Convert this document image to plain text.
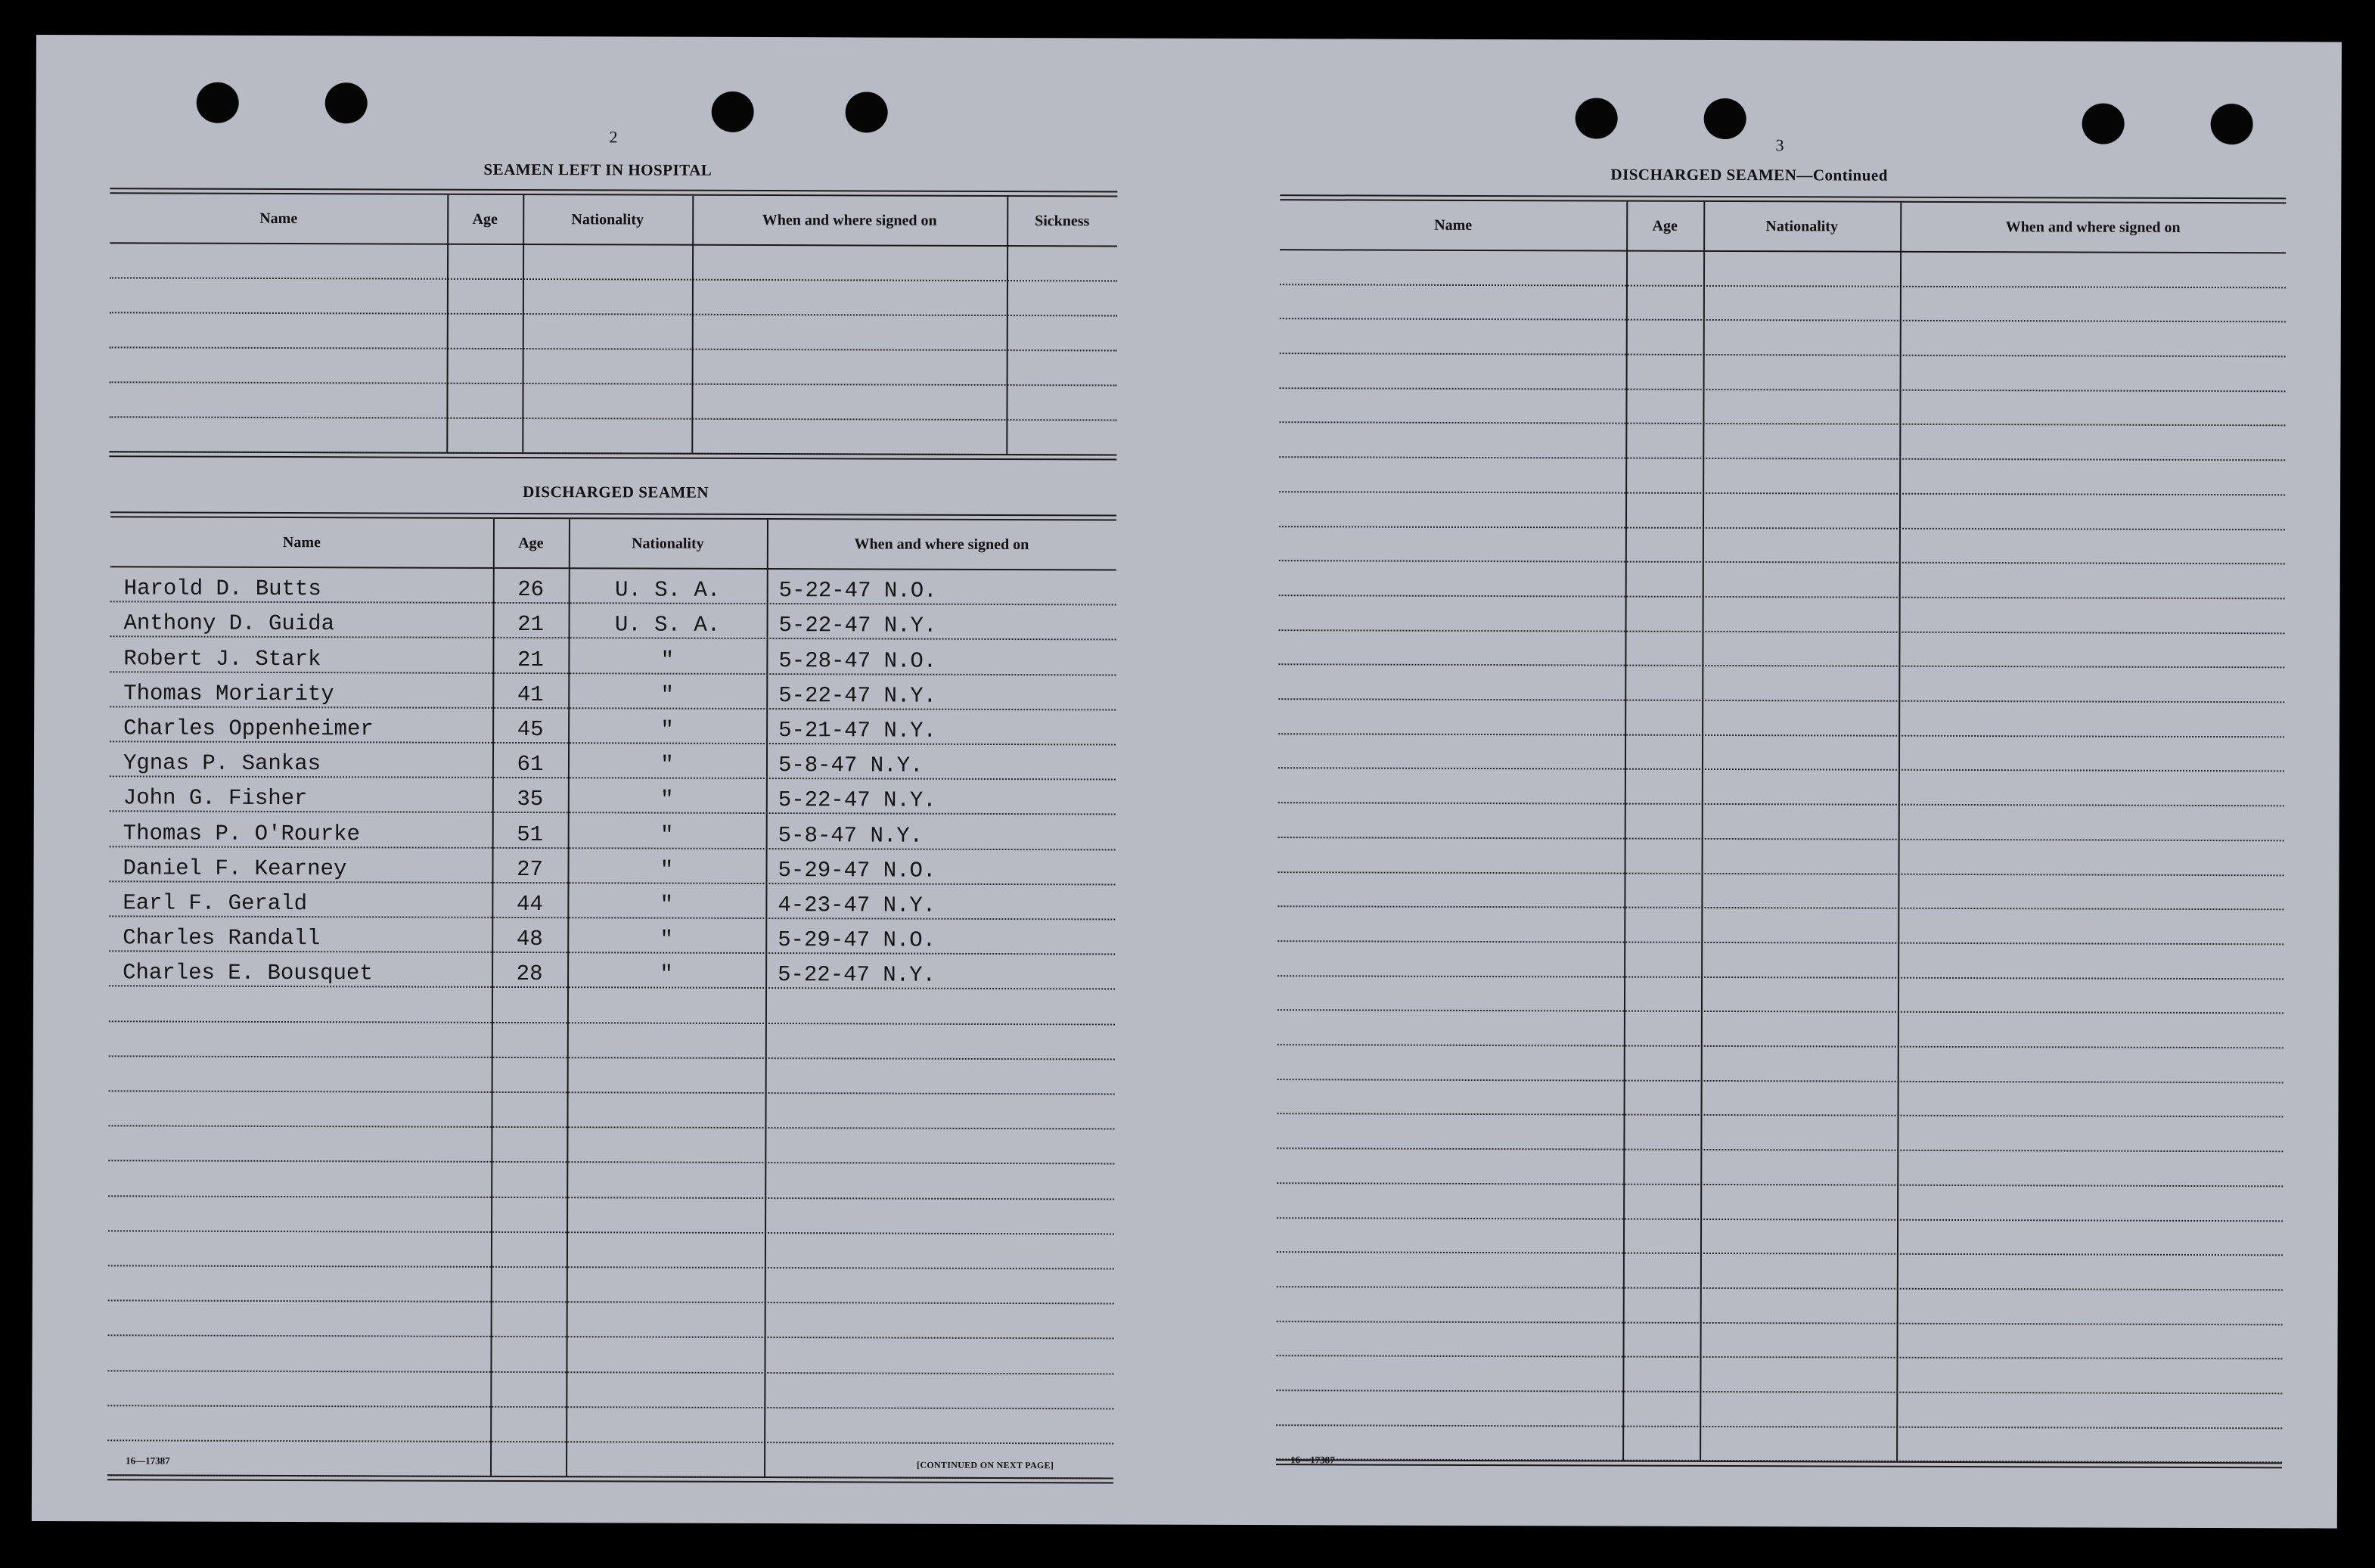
2
SEAMEN LEFT IN HOSPITAL
Name	Age	Nationality	When and where signed on	Sickness
DISCHARGED SEAMEN
Name	Age	Nationality	When and where signed on
Harold D. Butts	26	U. S. A.	5-22-47 N.O.
Anthony D. Guida	21	U. S. A.	5-22-47 N.Y.
Robert J. Stark	21	"	5-28-47 N.O.
Thomas Moriarity	41	"	5-22-47 N.Y.
Charles Oppenheimer	45	"	5-21-47 N.Y.
Ygnas P. Sankas	61	"	5-8-47 N.Y.
John G. Fisher	35	"	5-22-47 N.Y.
Thomas P. O'Rourke	51	"	5-8-47 N.Y.
Daniel F. Kearney	27	"	5-29-47 N.O.
Earl F. Gerald	44	"	4-23-47 N.Y.
Charles Randall	48	"	5-29-47 N.O.
Charles E. Bousquet	28	"	5-22-47 N.Y.
16—17387	[CONTINUED ON NEXT PAGE]
3
DISCHARGED SEAMEN—Continued
Name	Age	Nationality	When and where signed on
16—17387
